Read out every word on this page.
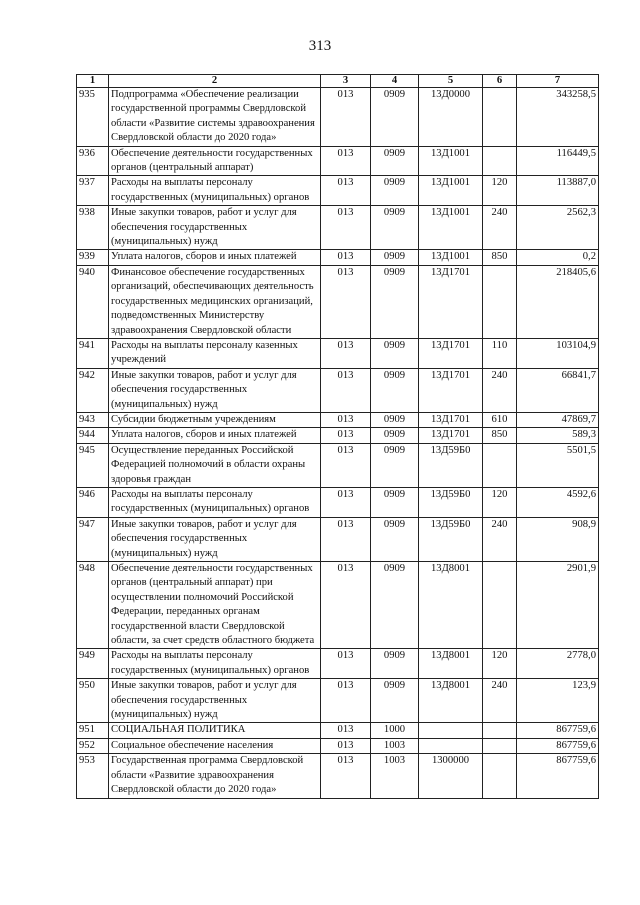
313
1	2	3	4	5	6	7
935	Подпрограмма «Обеспечение реализации государственной программы Свердловской области «Развитие системы здравоохранения Свердловской области до 2020 года»	013	0909	13Д0000		343258,5
936	Обеспечение деятельности государственных органов (центральный аппарат)	013	0909	13Д1001		116449,5
937	Расходы на выплаты персоналу государственных (муниципальных) органов	013	0909	13Д1001	120	113887,0
938	Иные закупки товаров, работ и услуг для обеспечения государственных (муниципальных) нужд	013	0909	13Д1001	240	2562,3
939	Уплата налогов, сборов и иных платежей	013	0909	13Д1001	850	0,2
940	Финансовое обеспечение государственных организаций, обеспечивающих деятельность государственных медицинских организаций, подведомственных Министерству здравоохранения Свердловской области	013	0909	13Д1701		218405,6
941	Расходы на выплаты персоналу казенных учреждений	013	0909	13Д1701	110	103104,9
942	Иные закупки товаров, работ и услуг для обеспечения государственных (муниципальных) нужд	013	0909	13Д1701	240	66841,7
943	Субсидии бюджетным учреждениям	013	0909	13Д1701	610	47869,7
944	Уплата налогов, сборов и иных платежей	013	0909	13Д1701	850	589,3
945	Осуществление переданных Российской Федерацией полномочий в области охраны здоровья граждан	013	0909	13Д59Б0		5501,5
946	Расходы на выплаты персоналу государственных (муниципальных) органов	013	0909	13Д59Б0	120	4592,6
947	Иные закупки товаров, работ и услуг для обеспечения государственных (муниципальных) нужд	013	0909	13Д59Б0	240	908,9
948	Обеспечение деятельности государственных органов (центральный аппарат) при осуществлении полномочий Российской Федерации, переданных органам государственной власти Свердловской области, за счет средств областного бюджета	013	0909	13Д8001		2901,9
949	Расходы на выплаты персоналу государственных (муниципальных) органов	013	0909	13Д8001	120	2778,0
950	Иные закупки товаров, работ и услуг для обеспечения государственных (муниципальных) нужд	013	0909	13Д8001	240	123,9
951	СОЦИАЛЬНАЯ ПОЛИТИКА	013	1000			867759,6
952	Социальное обеспечение населения	013	1003			867759,6
953	Государственная программа Свердловской области «Развитие здравоохранения Свердловской области до 2020 года»	013	1003	1300000		867759,6
